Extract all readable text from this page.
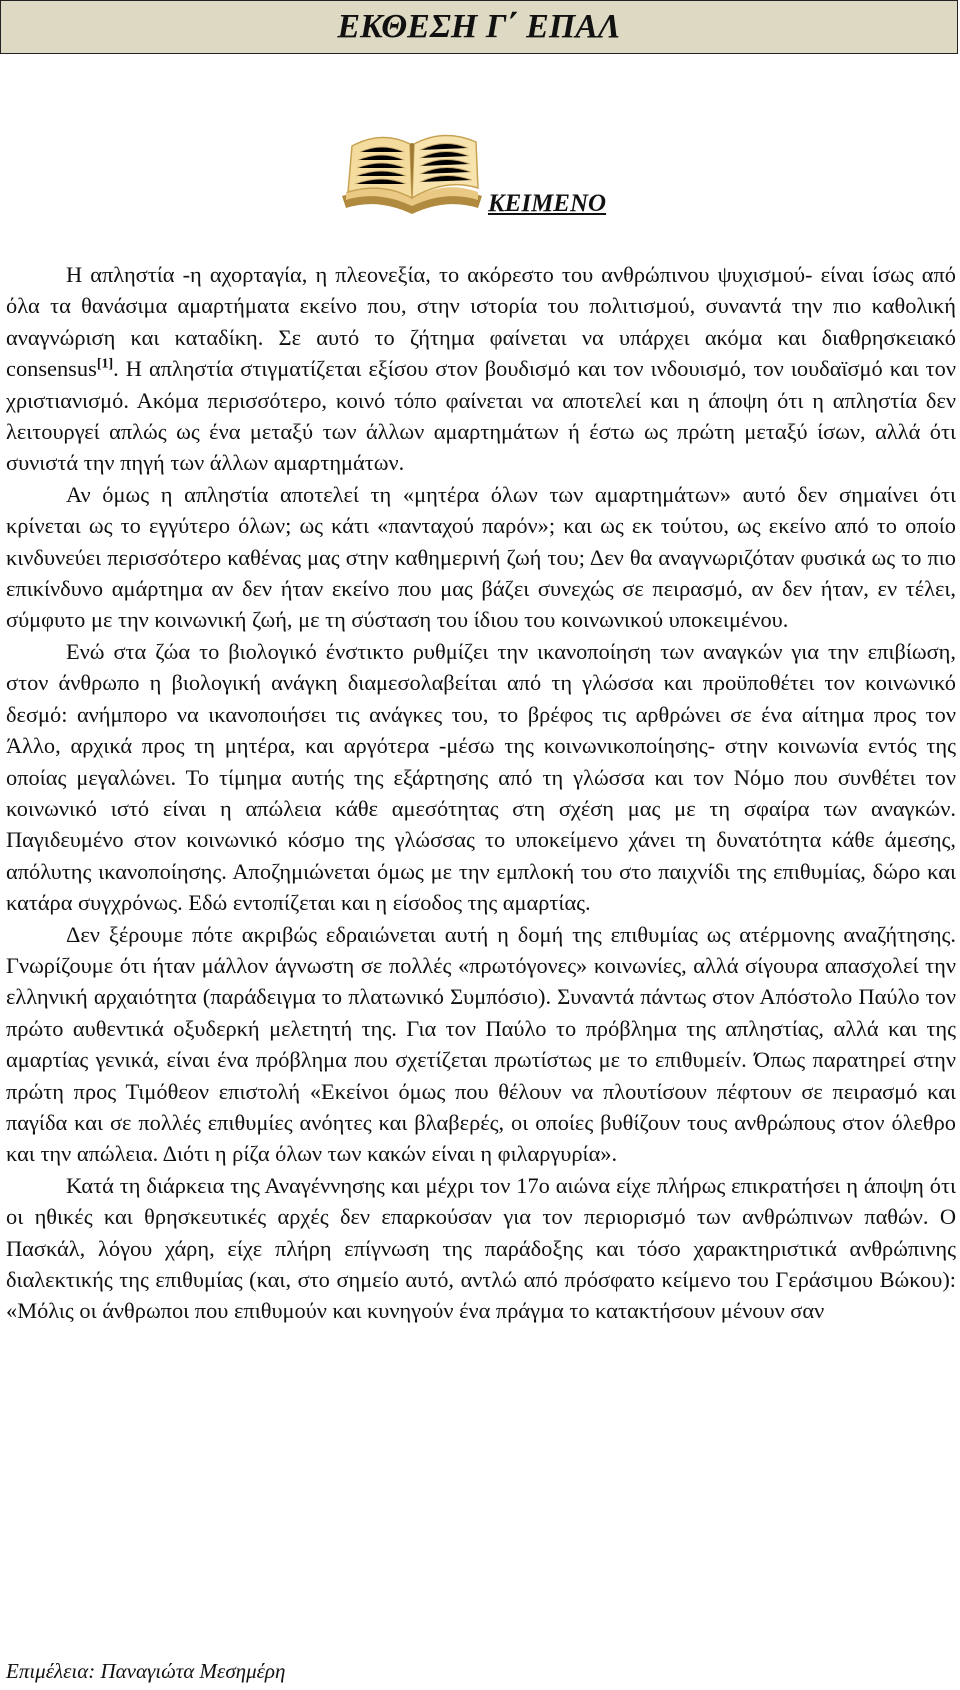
ΕΚΘΕΣΗ Γ΄ ΕΠΑΛ
ΚΕΙΜΕΝΟ

Η απληστία -η αχορταγία, η πλεονεξία, το ακόρεστο του ανθρώπινου ψυχισμού- είναι ίσως από όλα τα θανάσιμα αμαρτήματα εκείνο που, στην ιστορία του πολιτισμού, συναντά την πιο καθολική αναγνώριση και καταδίκη. Σε αυτό το ζήτημα φαίνεται να υπάρχει ακόμα και διαθρησκειακό consensus[1]. Η απληστία στιγματίζεται εξίσου στον βουδισμό και τον ινδουισμό, τον ιουδαϊσμό και τον χριστιανισμό. Ακόμα περισσότερο, κοινό τόπο φαίνεται να αποτελεί και η άποψη ότι η απληστία δεν λειτουργεί απλώς ως ένα μεταξύ των άλλων αμαρτημάτων ή έστω ως πρώτη μεταξύ ίσων, αλλά ότι συνιστά την πηγή των άλλων αμαρτημάτων.

Αν όμως η απληστία αποτελεί τη «μητέρα όλων των αμαρτημάτων» αυτό δεν σημαίνει ότι κρίνεται ως το εγγύτερο όλων; ως κάτι «πανταχού παρόν»; και ως εκ τούτου, ως εκείνο από το οποίο κινδυνεύει περισσότερο καθένας μας στην καθημερινή ζωή του; Δεν θα αναγνωριζόταν φυσικά ως το πιο επικίνδυνο αμάρτημα αν δεν ήταν εκείνο που μας βάζει συνεχώς σε πειρασμό, αν δεν ήταν, εν τέλει, σύμφυτο με την κοινωνική ζωή, με τη σύσταση του ίδιου του κοινωνικού υποκειμένου.

Ενώ στα ζώα το βιολογικό ένστικτο ρυθμίζει την ικανοποίηση των αναγκών για την επιβίωση, στον άνθρωπο η βιολογική ανάγκη διαμεσολαβείται από τη γλώσσα και προϋποθέτει τον κοινωνικό δεσμό: ανήμπορο να ικανοποιήσει τις ανάγκες του, το βρέφος τις αρθρώνει σε ένα αίτημα προς τον Άλλο, αρχικά προς τη μητέρα, και αργότερα -μέσω της κοινωνικοποίησης- στην κοινωνία εντός της οποίας μεγαλώνει. Το τίμημα αυτής της εξάρτησης από τη γλώσσα και τον Νόμο που συνθέτει τον κοινωνικό ιστό είναι η απώλεια κάθε αμεσότητας στη σχέση μας με τη σφαίρα των αναγκών. Παγιδευμένο στον κοινωνικό κόσμο της γλώσσας το υποκείμενο χάνει τη δυνατότητα κάθε άμεσης, απόλυτης ικανοποίησης. Αποζημιώνεται όμως με την εμπλοκή του στο παιχνίδι της επιθυμίας, δώρο και κατάρα συγχρόνως. Εδώ εντοπίζεται και η είσοδος της αμαρτίας.

Δεν ξέρουμε πότε ακριβώς εδραιώνεται αυτή η δομή της επιθυμίας ως ατέρμονης αναζήτησης. Γνωρίζουμε ότι ήταν μάλλον άγνωστη σε πολλές «πρωτόγονες» κοινωνίες, αλλά σίγουρα απασχολεί την ελληνική αρχαιότητα (παράδειγμα το πλατωνικό Συμπόσιο). Συναντά πάντως στον Απόστολο Παύλο τον πρώτο αυθεντικά οξυδερκή μελετητή της. Για τον Παύλο το πρόβλημα της απληστίας, αλλά και της αμαρτίας γενικά, είναι ένα πρόβλημα που σχετίζεται πρωτίστως με το επιθυμείν. Όπως παρατηρεί στην πρώτη προς Τιμόθεον επιστολή «Εκείνοι όμως που θέλουν να πλουτίσουν πέφτουν σε πειρασμό και παγίδα και σε πολλές επιθυμίες ανόητες και βλαβερές, οι οποίες βυθίζουν τους ανθρώπους στον όλεθρο και την απώλεια. Διότι η ρίζα όλων των κακών είναι η φιλαργυρία».

Κατά τη διάρκεια της Αναγέννησης και μέχρι τον 17ο αιώνα είχε πλήρως επικρατήσει η άποψη ότι οι ηθικές και θρησκευτικές αρχές δεν επαρκούσαν για τον περιορισμό των ανθρώπινων παθών. Ο Πασκάλ, λόγου χάρη, είχε πλήρη επίγνωση της παράδοξης και τόσο χαρακτηριστικά ανθρώπινης διαλεκτικής της επιθυμίας (και, στο σημείο αυτό, αντλώ από πρόσφατο κείμενο του Γεράσιμου Βώκου): «Μόλις οι άνθρωποι που επιθυμούν και κυνηγούν ένα πράγμα το κατακτήσουν μένουν σαν

Επιμέλεια: Παναγιώτα Μεσημέρη
